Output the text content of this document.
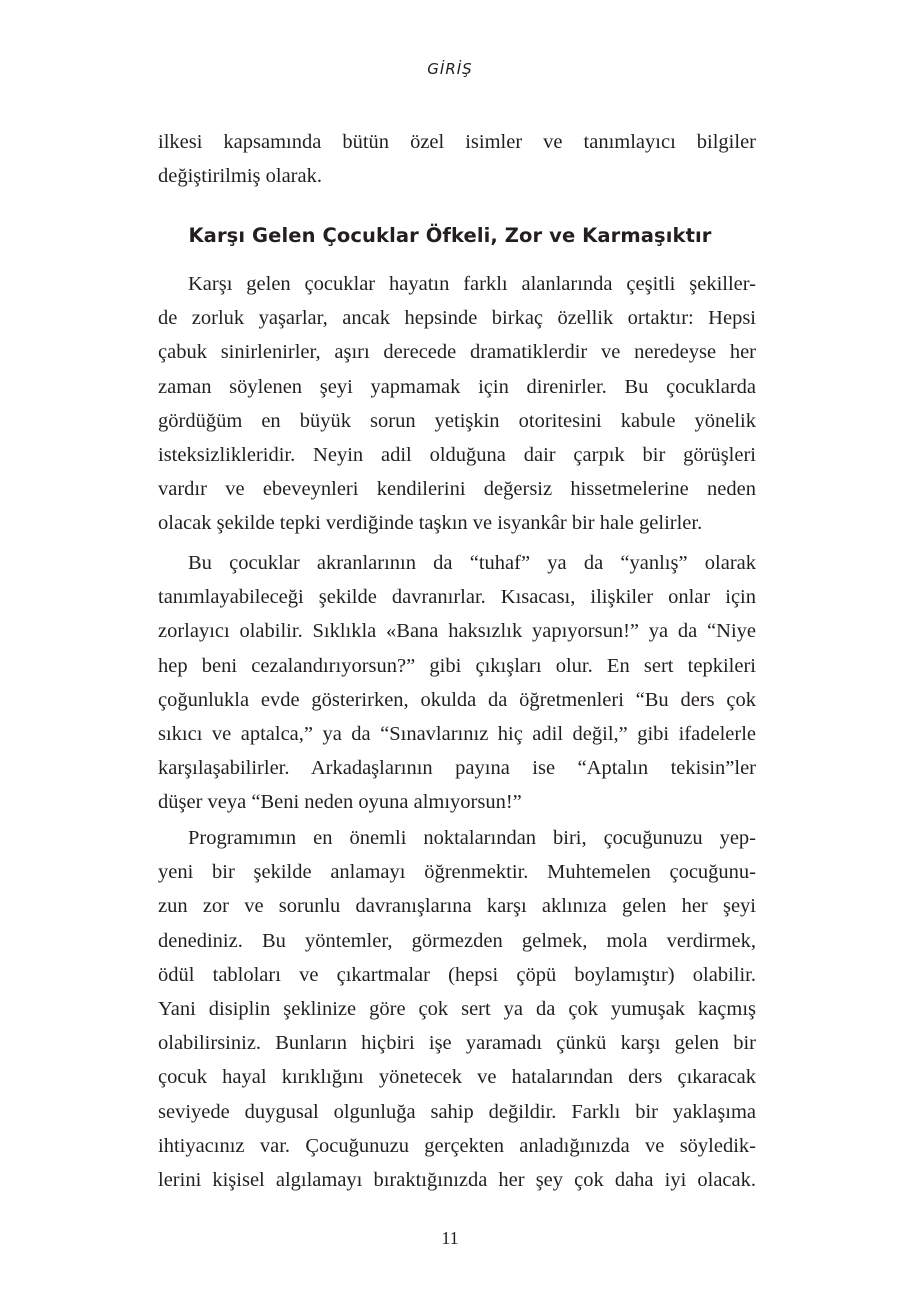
GİRİŞ
ilkesi kapsamında bütün özel isimler ve tanımlayıcı bilgiler
değiştirilmiş olarak.
Karşı Gelen Çocuklar Öfkeli, Zor ve Karmaşıktır
Karşı gelen çocuklar hayatın farklı alanlarında çeşitli şekiller-
de zorluk yaşarlar, ancak hepsinde birkaç özellik ortaktır: Hepsi
çabuk sinirlenirler, aşırı derecede dramatiklerdir ve neredeyse her
zaman söylenen şeyi yapmamak için direnirler. Bu çocuklarda
gördüğüm en büyük sorun yetişkin otoritesini kabule yönelik
isteksizlikleridir. Neyin adil olduğuna dair çarpık bir görüşleri
vardır ve ebeveynleri kendilerini değersiz hissetmelerine neden
olacak şekilde tepki verdiğinde taşkın ve isyankâr bir hale gelirler.
Bu çocuklar akranlarının da “tuhaf” ya da “yanlış” olarak
tanımlayabileceği şekilde davranırlar. Kısacası, ilişkiler onlar için
zorlayıcı olabilir. Sıklıkla «Bana haksızlık yapıyorsun!” ya da “Niye
hep beni cezalandırıyorsun?” gibi çıkışları olur. En sert tepkileri
çoğunlukla evde gösterirken, okulda da öğretmenleri “Bu ders çok
sıkıcı ve aptalca,” ya da “Sınavlarınız hiç adil değil,” gibi ifadelerle
karşılaşabilirler. Arkadaşlarının payına ise “Aptalın tekisin”ler
düşer veya “Beni neden oyuna almıyorsun!”
Programımın en önemli noktalarından biri, çocuğunuzu yep-
yeni bir şekilde anlamayı öğrenmektir. Muhtemelen çocuğunu-
zun zor ve sorunlu davranışlarına karşı aklınıza gelen her şeyi
denediniz. Bu yöntemler, görmezden gelmek, mola verdirmek,
ödül tabloları ve çıkartmalar (hepsi çöpü boylamıştır) olabilir.
Yani disiplin şeklinize göre çok sert ya da çok yumuşak kaçmış
olabilirsiniz. Bunların hiçbiri işe yaramadı çünkü karşı gelen bir
çocuk hayal kırıklığını yönetecek ve hatalarından ders çıkaracak
seviyede duygusal olgunluğa sahip değildir. Farklı bir yaklaşıma
ihtiyacınız var. Çocuğunuzu gerçekten anladığınızda ve söyledik-
lerini kişisel algılamayı bıraktığınızda her şey çok daha iyi olacak.
11
